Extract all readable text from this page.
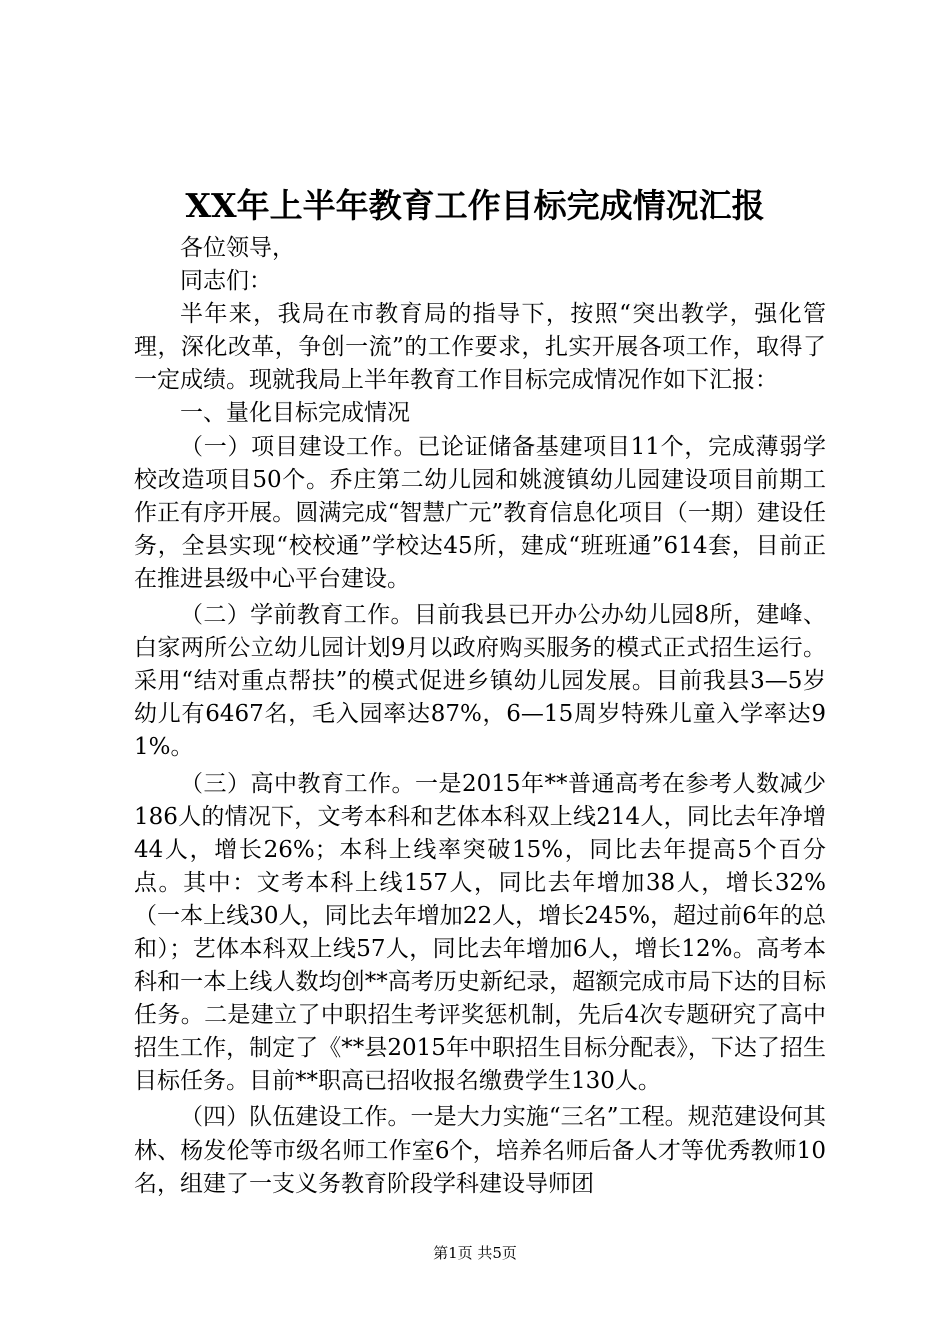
XX年上半年教育工作目标完成情况汇报

各位领导，

同志们：

半年来，我局在市教育局的指导下，按照“突出教学，强化管理，深化改革，争创一流”的工作要求，扎实开展各项工作，取得了一定成绩。现就我局上半年教育工作目标完成情况作如下汇报：

一、量化目标完成情况

（一）项目建设工作。已论证储备基建项目11个，完成薄弱学校改造项目50个。乔庄第二幼儿园和姚渡镇幼儿园建设项目前期工作正有序开展。圆满完成“智慧广元”教育信息化项目（一期）建设任务，全县实现“校校通”学校达45所，建成“班班通”614套，目前正在推进县级中心平台建设。

（二）学前教育工作。目前我县已开办公办幼儿园8所，建峰、白家两所公立幼儿园计划9月以政府购买服务的模式正式招生运行。采用“结对重点帮扶”的模式促进乡镇幼儿园发展。目前我县3—5岁幼儿有6467名，毛入园率达87%，6—15周岁特殊儿童入学率达91%。

（三）高中教育工作。一是2015年**普通高考在参考人数减少186人的情况下，文考本科和艺体本科双上线214人，同比去年净增44人，增长26%；本科上线率突破15%，同比去年提高5个百分点。其中：文考本科上线157人，同比去年增加38人，增长32%（一本上线30人，同比去年增加22人，增长245%，超过前6年的总和）；艺体本科双上线57人，同比去年增加6人，增长12%。高考本科和一本上线人数均创**高考历史新纪录，超额完成市局下达的目标任务。二是建立了中职招生考评奖惩机制，先后4次专题研究了高中招生工作，制定了《**县2015年中职招生目标分配表》，下达了招生目标任务。目前**职高已招收报名缴费学生130人。

（四）队伍建设工作。一是大力实施“三名”工程。规范建设何其林、杨发伦等市级名师工作室6个，培养名师后备人才等优秀教师10名，组建了一支义务教育阶段学科建设导师团

第1页 共5页
